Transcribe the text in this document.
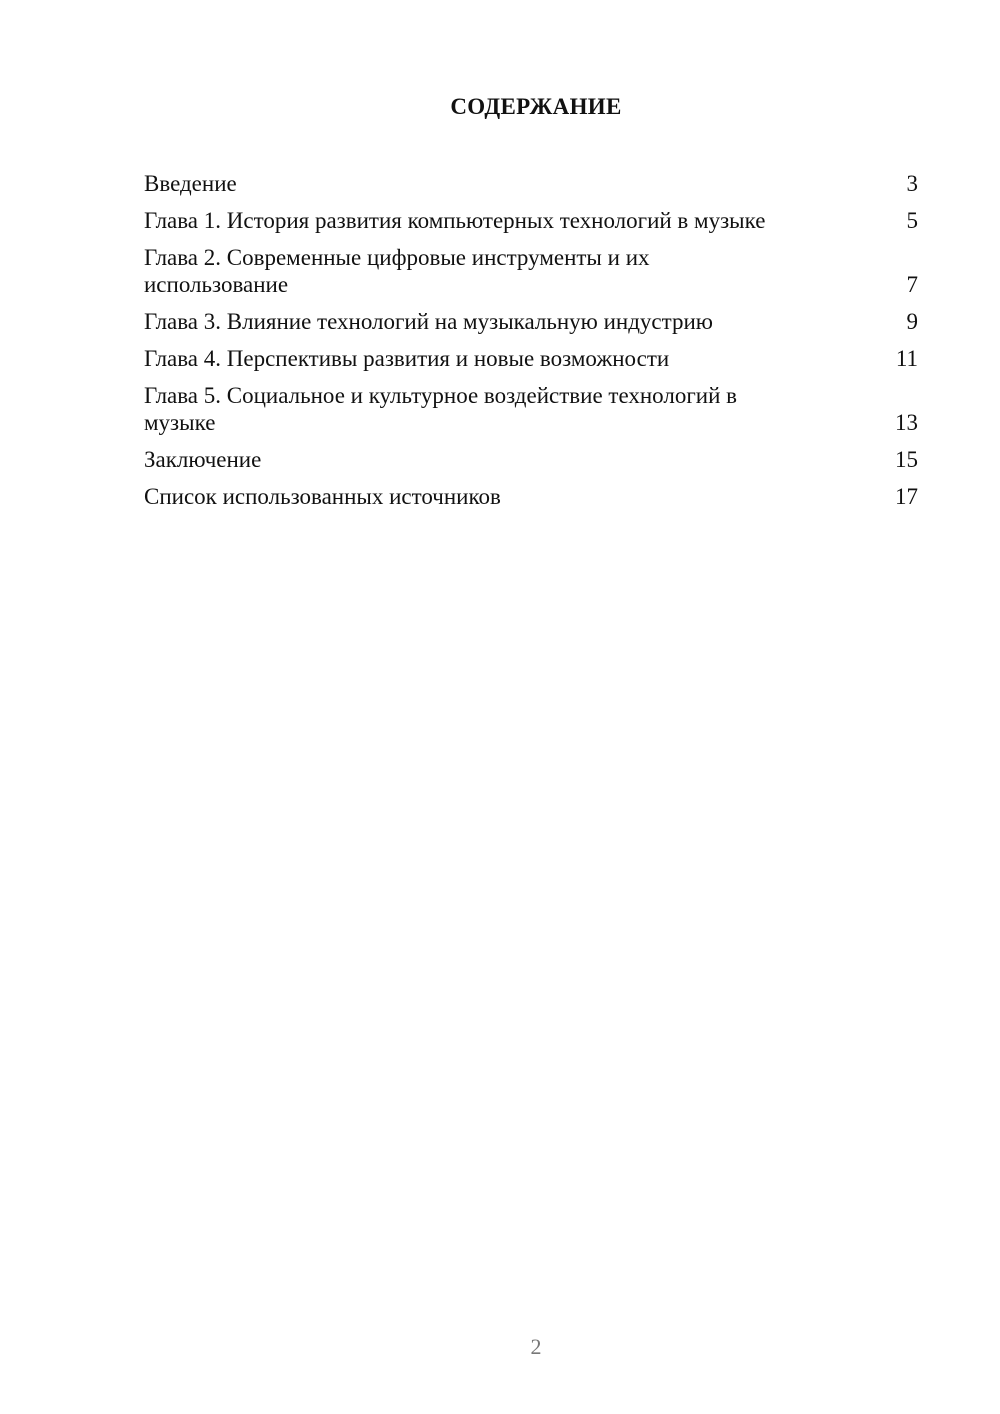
СОДЕРЖАНИЕ
Введение	3
Глава 1. История развития компьютерных технологий в музыке	5
Глава 2. Современные цифровые инструменты и их использование	7
Глава 3. Влияние технологий на музыкальную индустрию	9
Глава 4. Перспективы развития и новые возможности	11
Глава 5. Социальное и культурное воздействие технологий в музыке	13
Заключение	15
Список использованных источников	17
2
